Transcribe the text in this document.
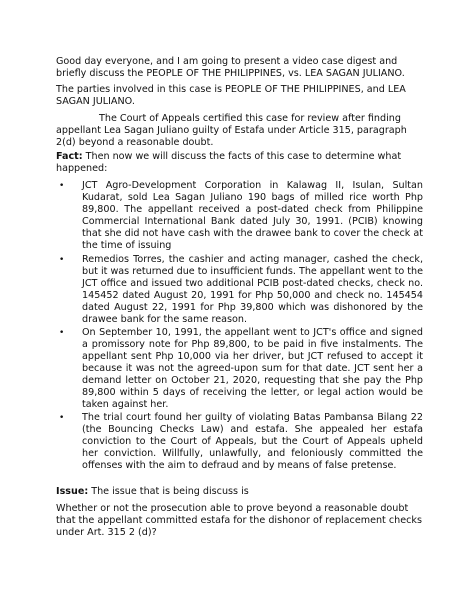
Good day everyone, and I am going to present a video case digest and briefly discuss the PEOPLE OF THE PHILIPPINES, vs. LEA SAGAN JULIANO.

The parties involved in this case is PEOPLE OF THE PHILIPPINES, and LEA SAGAN JULIANO.

The Court of Appeals certified this case for review after finding appellant Lea Sagan Juliano guilty of Estafa under Article 315, paragraph 2(d) beyond a reasonable doubt.

Fact: Then now we will discuss the facts of this case to determine what happened:

• JCT Agro-Development Corporation in Kalawag II, Isulan, Sultan Kudarat, sold Lea Sagan Juliano 190 bags of milled rice worth Php 89,800. The appellant received a post-dated check from Philippine Commercial International Bank dated July 30, 1991. (PCIB) knowing that she did not have cash with the drawee bank to cover the check at the time of issuing

• Remedios Torres, the cashier and acting manager, cashed the check, but it was returned due to insufficient funds. The appellant went to the JCT office and issued two additional PCIB post-dated checks, check no. 145452 dated August 20, 1991 for Php 50,000 and check no. 145454 dated August 22, 1991 for Php 39,800 which was dishonored by the drawee bank for the same reason.

• On September 10, 1991, the appellant went to JCT's office and signed a promissory note for Php 89,800, to be paid in five instalments. The appellant sent Php 10,000 via her driver, but JCT refused to accept it because it was not the agreed-upon sum for that date. JCT sent her a demand letter on October 21, 2020, requesting that she pay the Php 89,800 within 5 days of receiving the letter, or legal action would be taken against her.

• The trial court found her guilty of violating Batas Pambansa Bilang 22 (the Bouncing Checks Law) and estafa. She appealed her estafa conviction to the Court of Appeals, but the Court of Appeals upheld her conviction. Willfully, unlawfully, and feloniously committed the offenses with the aim to defraud and by means of false pretense.

Issue: The issue that is being discuss is

Whether or not the prosecution able to prove beyond a reasonable doubt that the appellant committed estafa for the dishonor of replacement checks under Art. 315 2 (d)?
